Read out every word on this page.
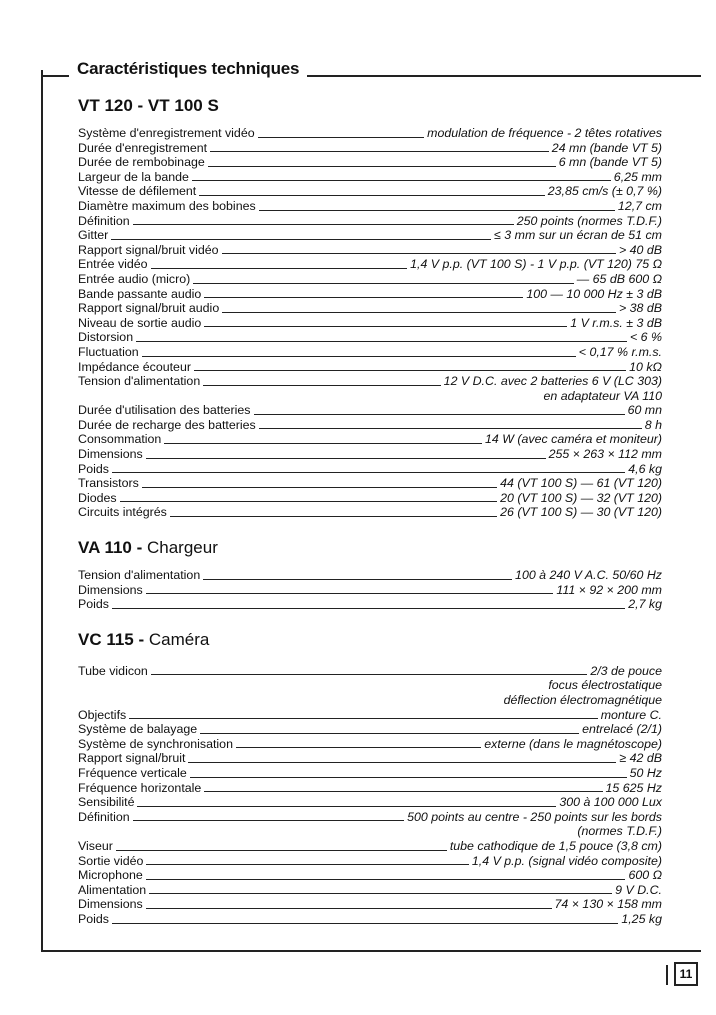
Caractéristiques techniques
VT 120 - VT 100 S
Système d'enregistrement vidéo	modulation de fréquence - 2 têtes rotatives
Durée d'enregistrement	24 mn (bande VT 5)
Durée de rembobinage	6 mn (bande VT 5)
Largeur de la bande	6,25 mm
Vitesse de défilement	23,85 cm/s (± 0,7 %)
Diamètre maximum des bobines	12,7 cm
Définition	250 points (normes T.D.F.)
Gitter	≤ 3 mm sur un écran de 51 cm
Rapport signal/bruit vidéo	> 40 dB
Entrée vidéo	1,4 V p.p. (VT 100 S) - 1 V p.p. (VT 120) 75 Ω
Entrée audio (micro)	— 65 dB 600 Ω
Bande passante audio	100 — 10 000 Hz ± 3 dB
Rapport signal/bruit audio	> 38 dB
Niveau de sortie audio	1 V r.m.s. ± 3 dB
Distorsion	< 6 %
Fluctuation	< 0,17 % r.m.s.
Impédance écouteur	10 kΩ
Tension d'alimentation	12 V D.C. avec 2 batteries 6 V (LC 303)
en adaptateur VA 110
Durée d'utilisation des batteries	60 mn
Durée de recharge des batteries	8 h
Consommation	14 W (avec caméra et moniteur)
Dimensions	255 × 263 × 112 mm
Poids	4,6 kg
Transistors	44 (VT 100 S) — 61 (VT 120)
Diodes	20 (VT 100 S) — 32 (VT 120)
Circuits intégrés	26 (VT 100 S) — 30 (VT 120)
VA 110 - Chargeur
Tension d'alimentation	100 à 240 V A.C. 50/60 Hz
Dimensions	111 × 92 × 200 mm
Poids	2,7 kg
VC 115 - Caméra
Tube vidicon	2/3 de pouce
focus électrostatique
déflection électromagnétique
Objectifs	monture C.
Système de balayage	entrelacé (2/1)
Système de synchronisation	externe (dans le magnétoscope)
Rapport signal/bruit	≥ 42 dB
Fréquence verticale	50 Hz
Fréquence horizontale	15 625 Hz
Sensibilité	300 à 100 000 Lux
Définition	500 points au centre - 250 points sur les bords
(normes T.D.F.)
Viseur	tube cathodique de 1,5 pouce (3,8 cm)
Sortie vidéo	1,4 V p.p. (signal vidéo composite)
Microphone	600 Ω
Alimentation	9 V D.C.
Dimensions	74 × 130 × 158 mm
Poids	1,25 kg
11
